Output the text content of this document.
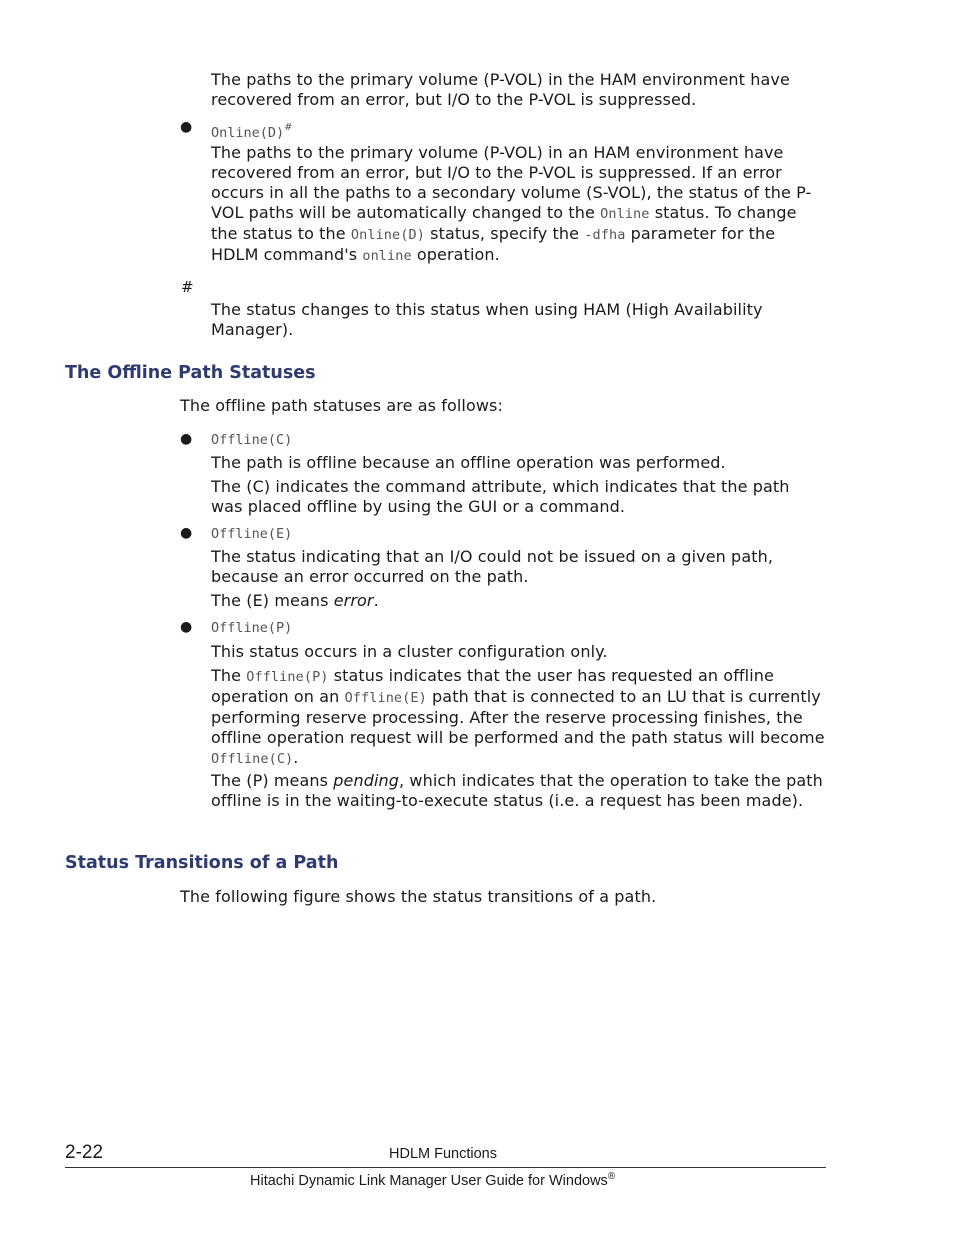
The paths to the primary volume (P-VOL) in the HAM environment have recovered from an error, but I/O to the P-VOL is suppressed.

● Online(D)#

The paths to the primary volume (P-VOL) in an HAM environment have recovered from an error, but I/O to the P-VOL is suppressed. If an error occurs in all the paths to a secondary volume (S-VOL), the status of the P-VOL paths will be automatically changed to the Online status. To change the status to the Online(D) status, specify the -dfha parameter for the HDLM command's online operation.

#

The status changes to this status when using HAM (High Availability Manager).

The Offline Path Statuses

The offline path statuses are as follows:

● Offline(C)

The path is offline because an offline operation was performed.

The (C) indicates the command attribute, which indicates that the path was placed offline by using the GUI or a command.

● Offline(E)

The status indicating that an I/O could not be issued on a given path, because an error occurred on the path.

The (E) means error.

● Offline(P)

This status occurs in a cluster configuration only.

The Offline(P) status indicates that the user has requested an offline operation on an Offline(E) path that is connected to an LU that is currently performing reserve processing. After the reserve processing finishes, the offline operation request will be performed and the path status will become Offline(C).

The (P) means pending, which indicates that the operation to take the path offline is in the waiting-to-execute status (i.e. a request has been made).

Status Transitions of a Path

The following figure shows the status transitions of a path.

2-22	HDLM Functions
Hitachi Dynamic Link Manager User Guide for Windows®
